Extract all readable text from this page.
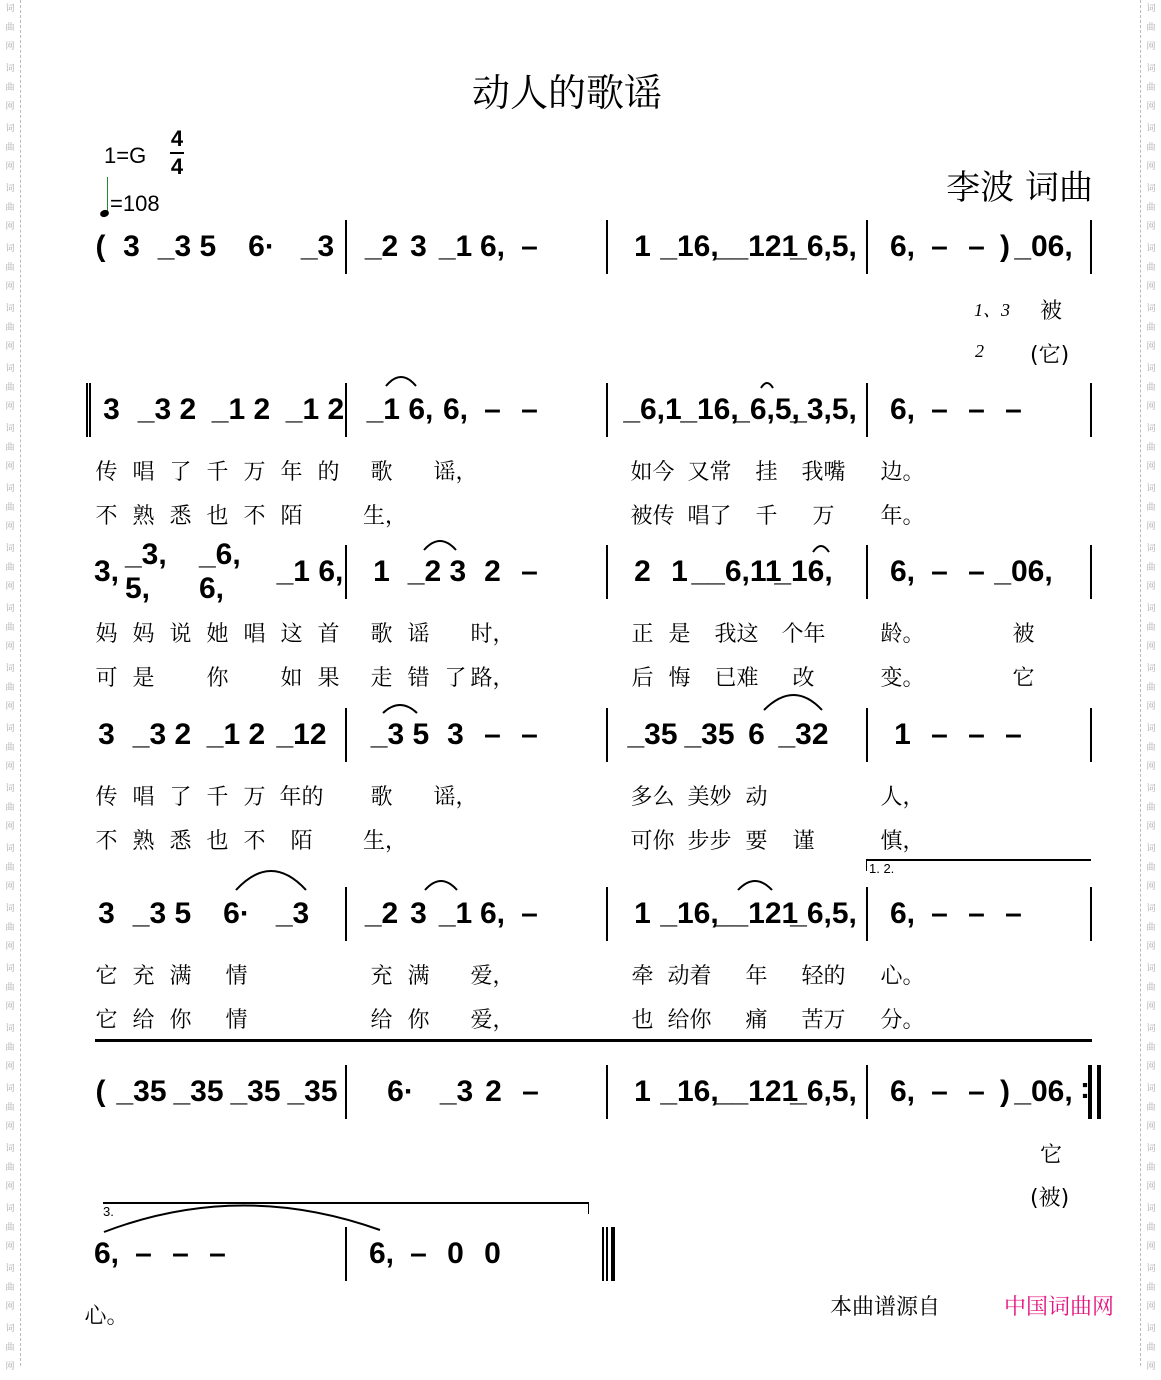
词
曲
网
词
曲
网
词
曲
网
词
曲
网
词
曲
网
词
曲
网
词
曲
网
词
曲
网
词
曲
网
词
曲
网
词
曲
网
词
曲
网
词
曲
网
词
曲
网
词
曲
网
词
曲
网
词
曲
网
词
曲
网
词
曲
网
词
曲
网
词
曲
网
词
曲
网
词
曲
网
词
曲
网
词
曲
网
词
曲
网
词
曲
网
词
曲
网
词
曲
网
词
曲
网
词
曲
网
词
曲
网
词
曲
网
词
曲
网
词
曲
网
词
曲
网
词
曲
网
词
曲
网
词
曲
网
词
曲
网
词
曲
网
词
曲
网
词
曲
网
词
曲
网
词
曲
网
词
曲
网
动人的歌谣
1=G
4
4
=108	李波 词曲
( 3 _3 5	6· _3 _2 3 _1 6, –	1 _16,
__121
_6,5, 6, – – ) _06,
3 _3 2 _1 2 _1 2 _1 6, 6, – –	_6,1
_16,
_6,5,
_3,5, 6, – – –
传 唱 了 千 万 年 的	歌	谣，	如今 又常	挂	我嘴 边。
不 熟 悉 也 不 陌	生，	被传 唱了	千	万	年。
3,
_3, 5,
_6, 6,
_1 6, 1 _2 3 2 –	2 1 __6,11
_16, 6, – – _06,
妈 妈 说 她 唱 这 首	歌 谣	时，	正 是	我这	个年	龄。	被
可 是	你	如 果	走 错 了 路，	后 悔	已难	改	变。	它
3 _3 2 _1 2 _12 _3 5 3 – –	_35 _35 6 _32	1 – – –
传 唱 了 千 万 年的	歌	谣，	多么 美妙 动	人，
不 熟 悉 也 不	陌	生，	可你 步步 要	谨	慎，
3 _3 5	6· _3 _2 3 _1 6, –	1 _16,
__121
_6,5, 6, – – –
它 充 满	情	充 满	爱，	牵 动着	年	轻的 心。
它 给 你	情	给 你	爱，	也 给你	痛	苦万 分。
( _35 _35 _35 _35	6· _3 2 –	1 _16,
__121
_6,5, 6, – – ) _06,
6, – – –	6, – 0 0
心。
1、3 被
2 (它)
它
(被)
:
1. 2.
3.
本曲谱源自	中国词曲网
